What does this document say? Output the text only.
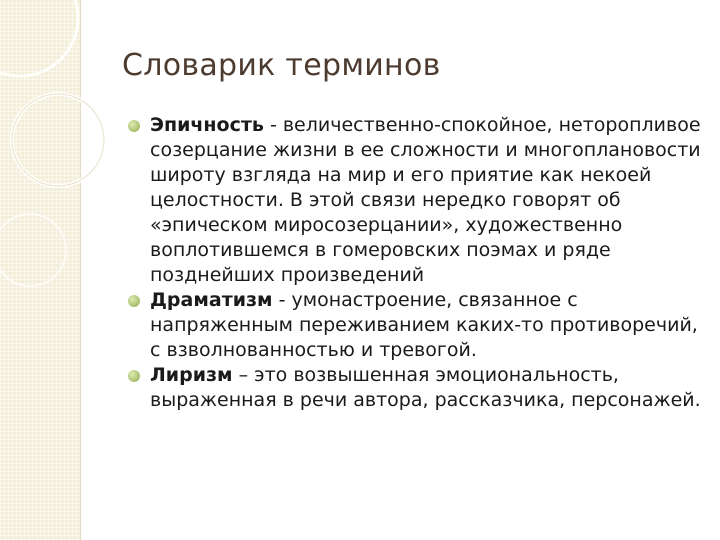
Словарик терминов
Эпичность - величественно-спокойное, неторопливое созерцание жизни в ее сложности и многоплановости широту взгляда на мир и его приятие как некоей целостности. В этой связи нередко говорят об «эпическом миросозерцании», художественно воплотившемся в гомеровских поэмах и ряде позднейших произведений
Драматизм - умонастроение, связанное с напряженным переживанием каких-то противоречий, с взволнованностью и тревогой.
Лиризм – это возвышенная эмоциональность, выраженная в речи автора, рассказчика, персонажей.
